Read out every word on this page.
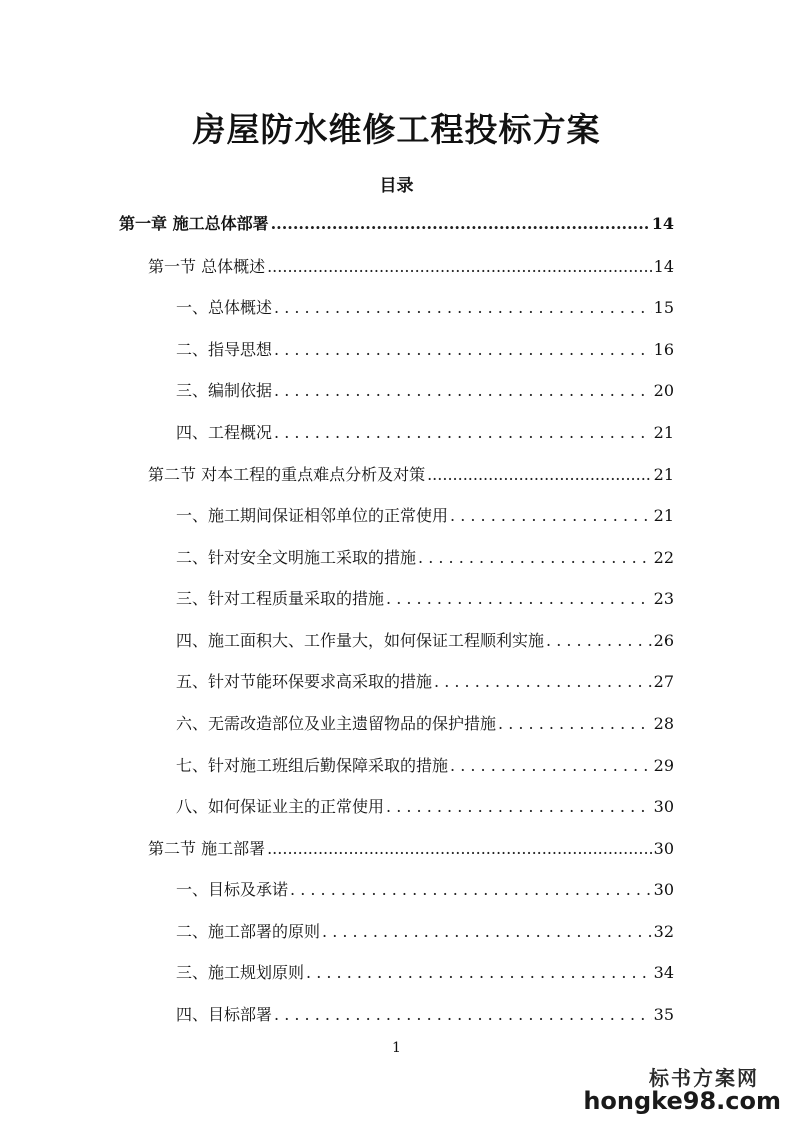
房屋防水维修工程投标方案
目录
第一章 施工总体部署 .....	14
第一节 总体概述 .....	14
一、总体概述 . . .	15
二、指导思想 . . .	16
三、编制依据 . . .	20
四、工程概况 . . .	21
第二节 对本工程的重点难点分析及对策 .....	21
一、施工期间保证相邻单位的正常使用 . . .	21
二、针对安全文明施工采取的措施 . . .	22
三、针对工程质量采取的措施 . . .	23
四、施工面积大、工作量大，如何保证工程顺利实施 . . .	26
五、针对节能环保要求高采取的措施 . . .	27
六、无需改造部位及业主遗留物品的保护措施 . . .	28
七、针对施工班组后勤保障采取的措施 . . .	29
八、如何保证业主的正常使用 . . .	30
第二节 施工部署 .....	30
一、目标及承诺 . . .	30
二、施工部署的原则 . . .	32
三、施工规划原则 . . .	34
四、目标部署 . . .	35
1
标书方案网
hongke98.com
